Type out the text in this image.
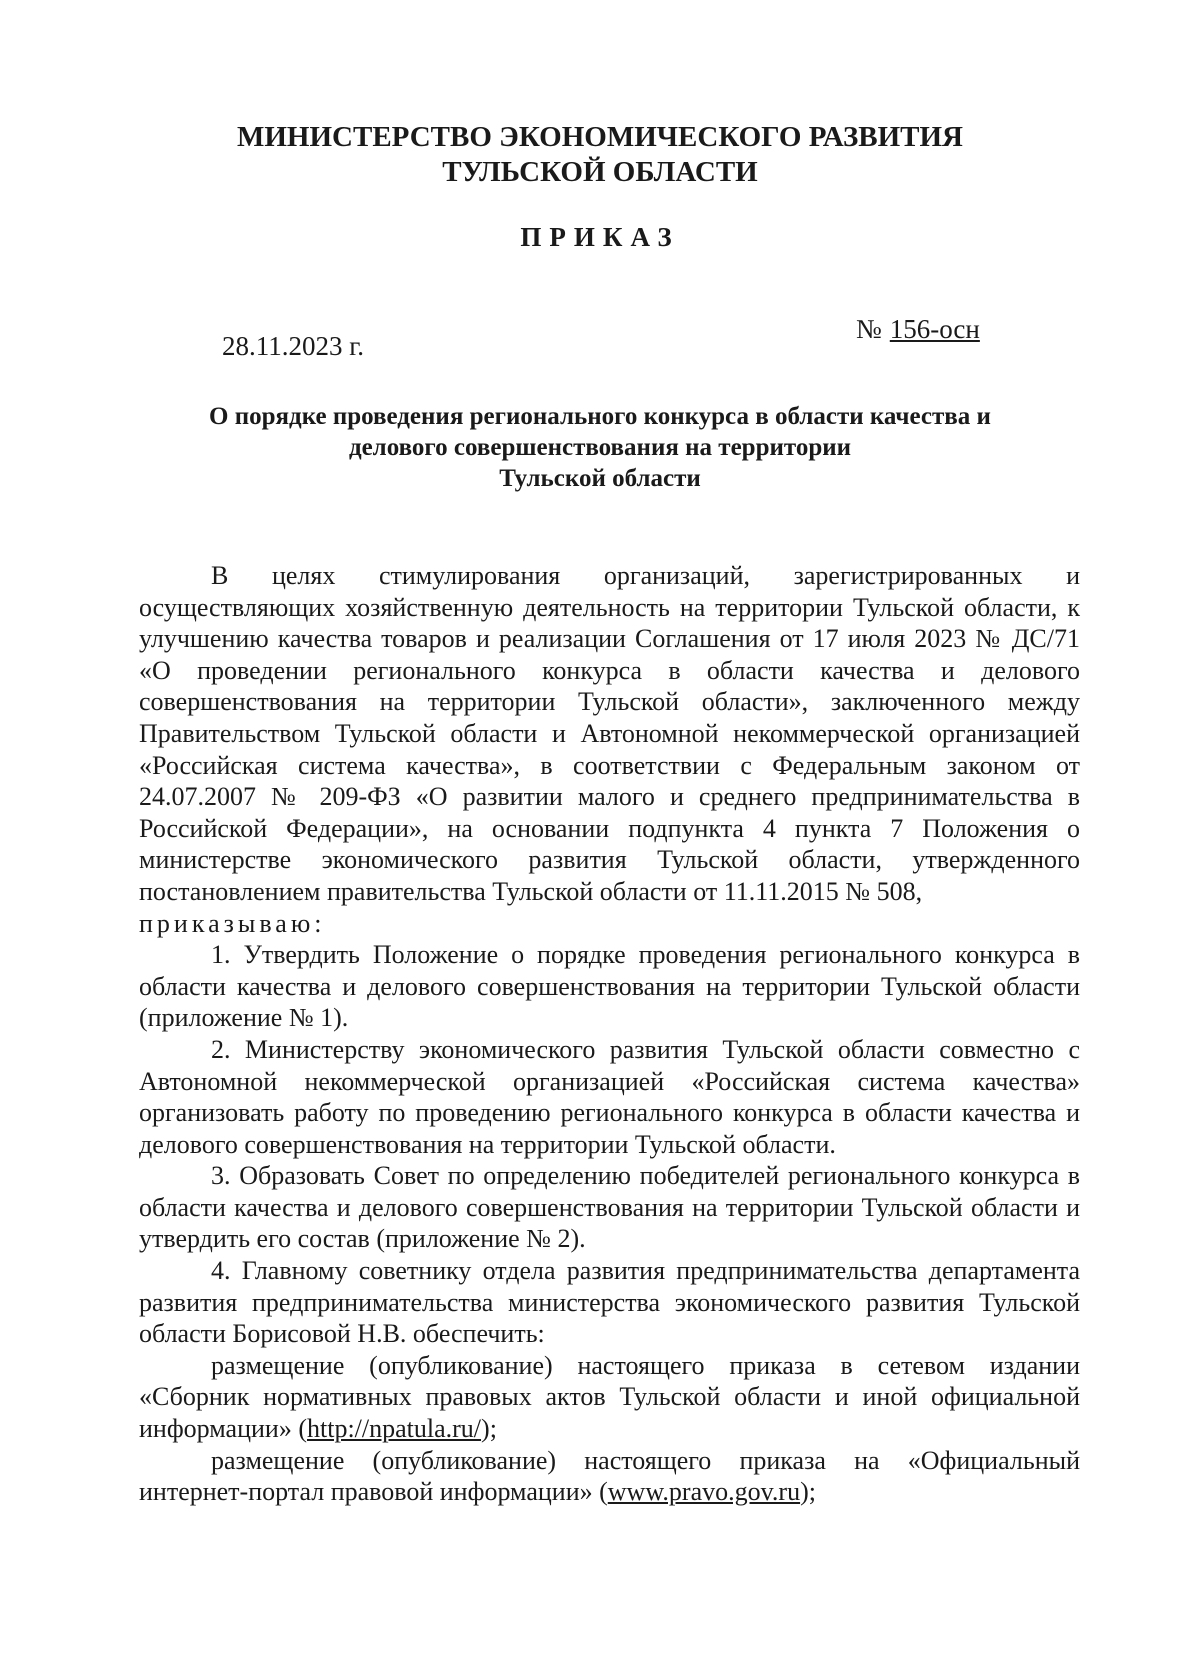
МИНИСТЕРСТВО ЭКОНОМИЧЕСКОГО РАЗВИТИЯ
ТУЛЬСКОЙ ОБЛАСТИ
ПРИКАЗ
28.11.2023 г.
№ 156-осн
О порядке проведения регионального конкурса в области качества и
делового совершенствования на территории
Тульской области

В целях стимулирования организаций, зарегистрированных и осуществляющих хозяйственную деятельность на территории Тульской области, к улучшению качества товаров и реализации Соглашения от 17 июля 2023 № ДС/71 «О проведении регионального конкурса в области качества и делового совершенствования на территории Тульской области», заключенного между Правительством Тульской области и Автономной некоммерческой организацией «Российская система качества», в соответствии с Федеральным законом от 24.07.2007 № 209-ФЗ «О развитии малого и среднего предпринимательства в Российской Федерации», на основании подпункта 4 пункта 7 Положения о министерстве экономического развития Тульской области, утвержденного постановлением правительства Тульской области от 11.11.2015 № 508,

приказываю:

1. Утвердить Положение о порядке проведения регионального конкурса в области качества и делового совершенствования на территории Тульской области (приложение № 1).

2. Министерству экономического развития Тульской области совместно с Автономной некоммерческой организацией «Российская система качества» организовать работу по проведению регионального конкурса в области качества и делового совершенствования на территории Тульской области.

3. Образовать Совет по определению победителей регионального конкурса в области качества и делового совершенствования на территории Тульской области и утвердить его состав (приложение № 2).

4. Главному советнику отдела развития предпринимательства департамента развития предпринимательства министерства экономического развития Тульской области Борисовой Н.В. обеспечить:

размещение (опубликование) настоящего приказа в сетевом издании «Сборник нормативных правовых актов Тульской области и иной официальной информации» (http://npatula.ru/);

размещение (опубликование) настоящего приказа на «Официальный интернет-портал правовой информации» (www.pravo.gov.ru);
